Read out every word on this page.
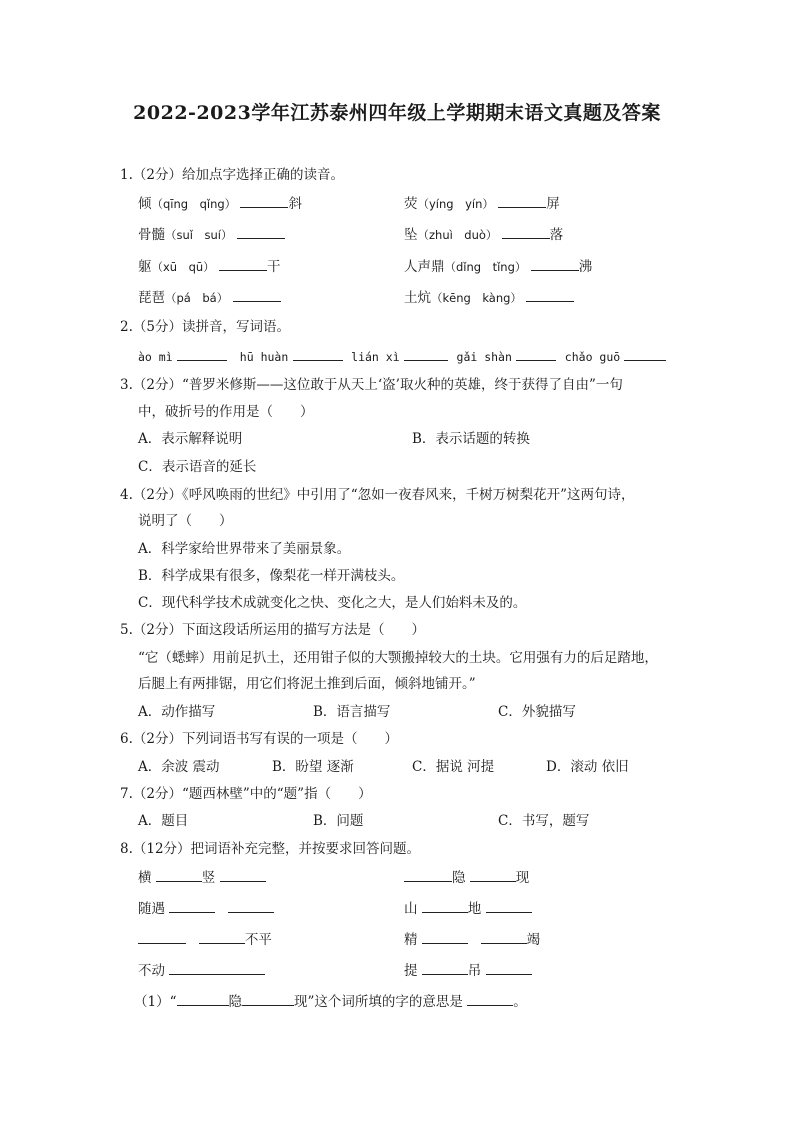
2022-2023学年江苏泰州四年级上学期期末语文真题及答案
1.（2分）给加点字选择正确的读音。
倾（qīng　qǐng）	斜	荧（yíng　yín）	屏
骨髓（suǐ　suí）	坠（zhuì　duò）	落
躯（xū　qū）	干	人声鼎（dǐng　tǐng）	沸
琵琶（pá　bá）	土炕（kēng　kàng）
2.（5分）读拼音，写词语。
ào mì	hū huàn	lián xì	gǎi shàn	chǎo guō
3.（2分）“普罗米修斯——这位敢于从天上‘盗’取火种的英雄，终于获得了自由”一句
中，破折号的作用是（　　）
A．表示解释说明	B．表示话题的转换
C．表示语音的延长
4.（2分）《呼风唤雨的世纪》中引用了“忽如一夜春风来，千树万树梨花开”这两句诗，
说明了（　　）
A．科学家给世界带来了美丽景象。
B．科学成果有很多，像梨花一样开满枝头。
C．现代科学技术成就变化之快、变化之大，是人们始料未及的。
5.（2分）下面这段话所运用的描写方法是（　　）
“它（蟋蟀）用前足扒土，还用钳子似的大颚搬掉较大的土块。它用强有力的后足踏地，
后腿上有两排锯，用它们将泥土推到后面，倾斜地铺开。”
A．动作描写	B．语言描写	C．外貌描写
6.（2分）下列词语书写有误的一项是（　　）
A．余波 震动	B．盼望 逐渐	C．据说 河提	D．滚动 依旧
7.（2分）“题西林壁”中的“题”指（　　）
A．题目	B．问题	C．书写，题写
8.（12分）把词语补充完整，并按要求回答问题。
横	竖	隐	现
随遇	山	地
不平	精	竭
不动	提	吊
（1）“	隐	现”这个词所填的字的意思是	。
